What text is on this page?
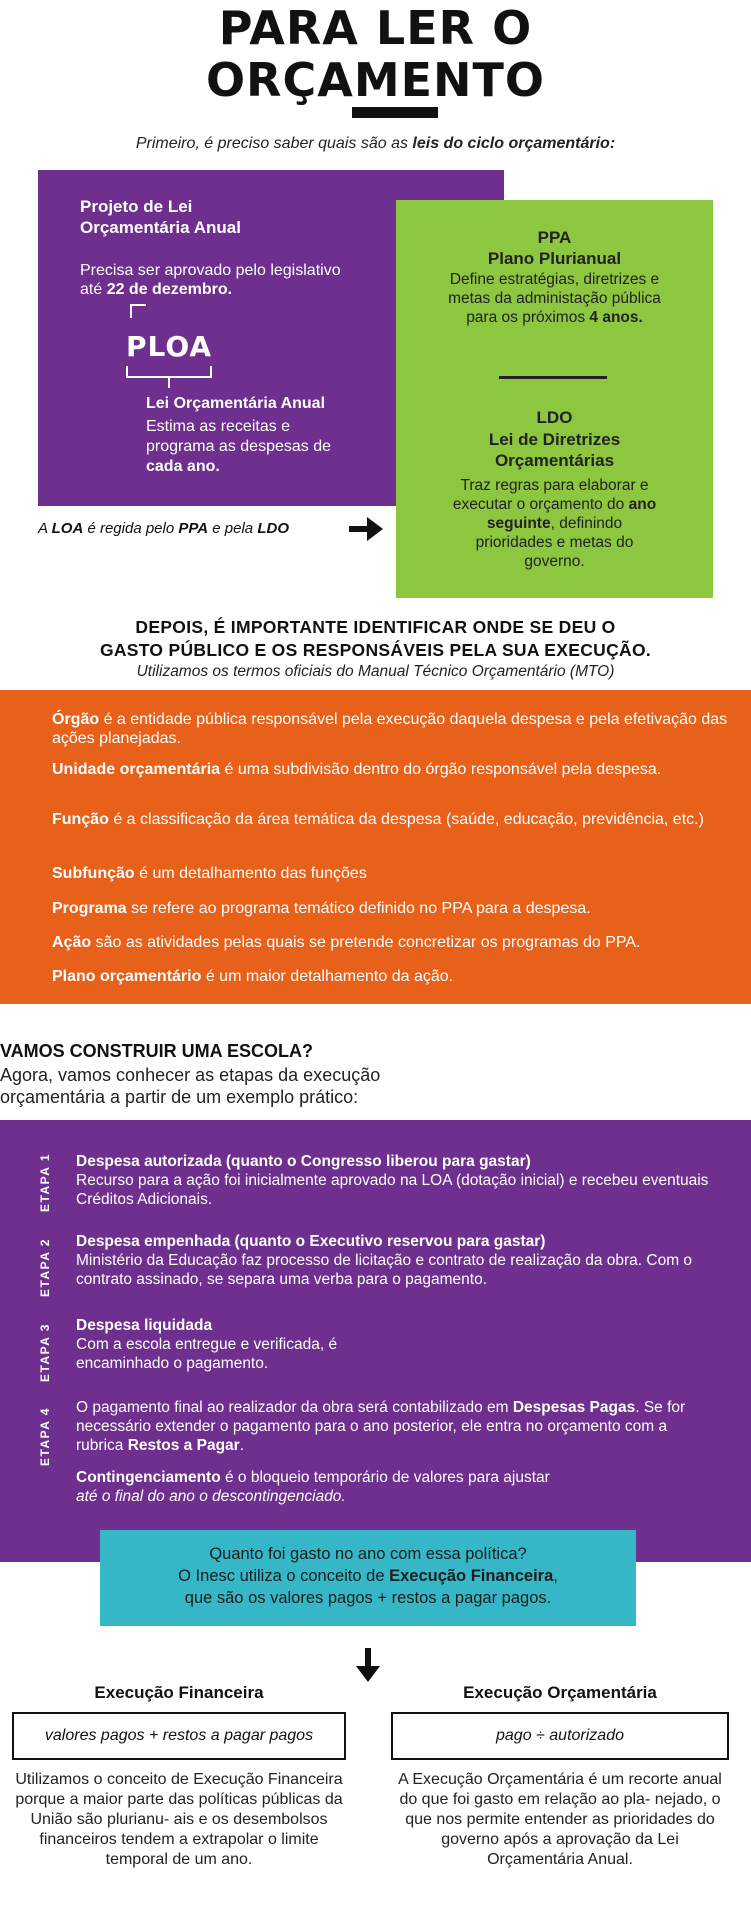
PARA LER O
ORÇAMENTO
Primeiro, é preciso saber quais são as leis do ciclo orçamentário:
Projeto de Lei Orçamentária Anual
Precisa ser aprovado pelo legislativo até 22 de dezembro.
PLOA
Lei Orçamentária Anual
Estima as receitas e programa as despesas de cada ano.
A LOA é regida pelo PPA e pela LDO
PPA
Plano Plurianual
Define estratégias, diretrizes e metas da administação pública para os próximos 4 anos.
LDO
Lei de Diretrizes Orçamentárias
Traz regras para elaborar e executar o orçamento do ano seguinte, definindo prioridades e metas do governo.
DEPOIS, É IMPORTANTE IDENTIFICAR ONDE SE DEU O
GASTO PÚBLICO E OS RESPONSÁVEIS PELA SUA EXECUÇÃO.
Utilizamos os termos oficiais do Manual Técnico Orçamentário (MTO)
Órgão é a entidade pública responsável pela execução daquela despesa e pela efetivação das ações planejadas.
Unidade orçamentária é uma subdivisão dentro do órgão responsável pela despesa.
Função é a classificação da área temática da despesa (saúde, educação, previdência, etc.)
Subfunção é um detalhamento das funções
Programa se refere ao programa temático definido no PPA para a despesa.
Ação são as atividades pelas quais se pretende concretizar os programas do PPA.
Plano orçamentário é um maior detalhamento da ação.
VAMOS CONSTRUIR UMA ESCOLA?
Agora, vamos conhecer as etapas da execução orçamentária a partir de um exemplo prático:
ETAPA 1 Despesa autorizada (quanto o Congresso liberou para gastar)
Recurso para a ação foi inicialmente aprovado na LOA (dotação inicial) e recebeu eventuais Créditos Adicionais.
ETAPA 2 Despesa empenhada (quanto o Executivo reservou para gastar)
Ministério da Educação faz processo de licitação e contrato de realização da obra. Com o contrato assinado, se separa uma verba para o pagamento.
ETAPA 3 Despesa liquidada
Com a escola entregue e verificada, é encaminhado o pagamento.
ETAPA 4 O pagamento final ao realizador da obra será contabilizado em Despesas Pagas. Se for necessário extender o pagamento para o ano posterior, ele entra no orçamento com a rubrica Restos a Pagar.
Contingenciamento é o bloqueio temporário de valores para ajustar
até o final do ano o descontingenciado.
Quanto foi gasto no ano com essa política?
O Inesc utiliza o conceito de Execução Financeira,
que são os valores pagos + restos a pagar pagos.
Execução Financeira
valores pagos + restos a pagar pagos
Utilizamos o conceito de Execução Financeira porque a maior parte das políticas públicas da União são plurianu- ais e os desembolsos financeiros tendem a extrapolar o limite temporal de um ano.
Execução Orçamentária
pago ÷ autorizado
A Execução Orçamentária é um recorte anual do que foi gasto em relação ao pla- nejado, o que nos permite entender as prioridades do governo após a aprovação da Lei Orçamentária Anual.
